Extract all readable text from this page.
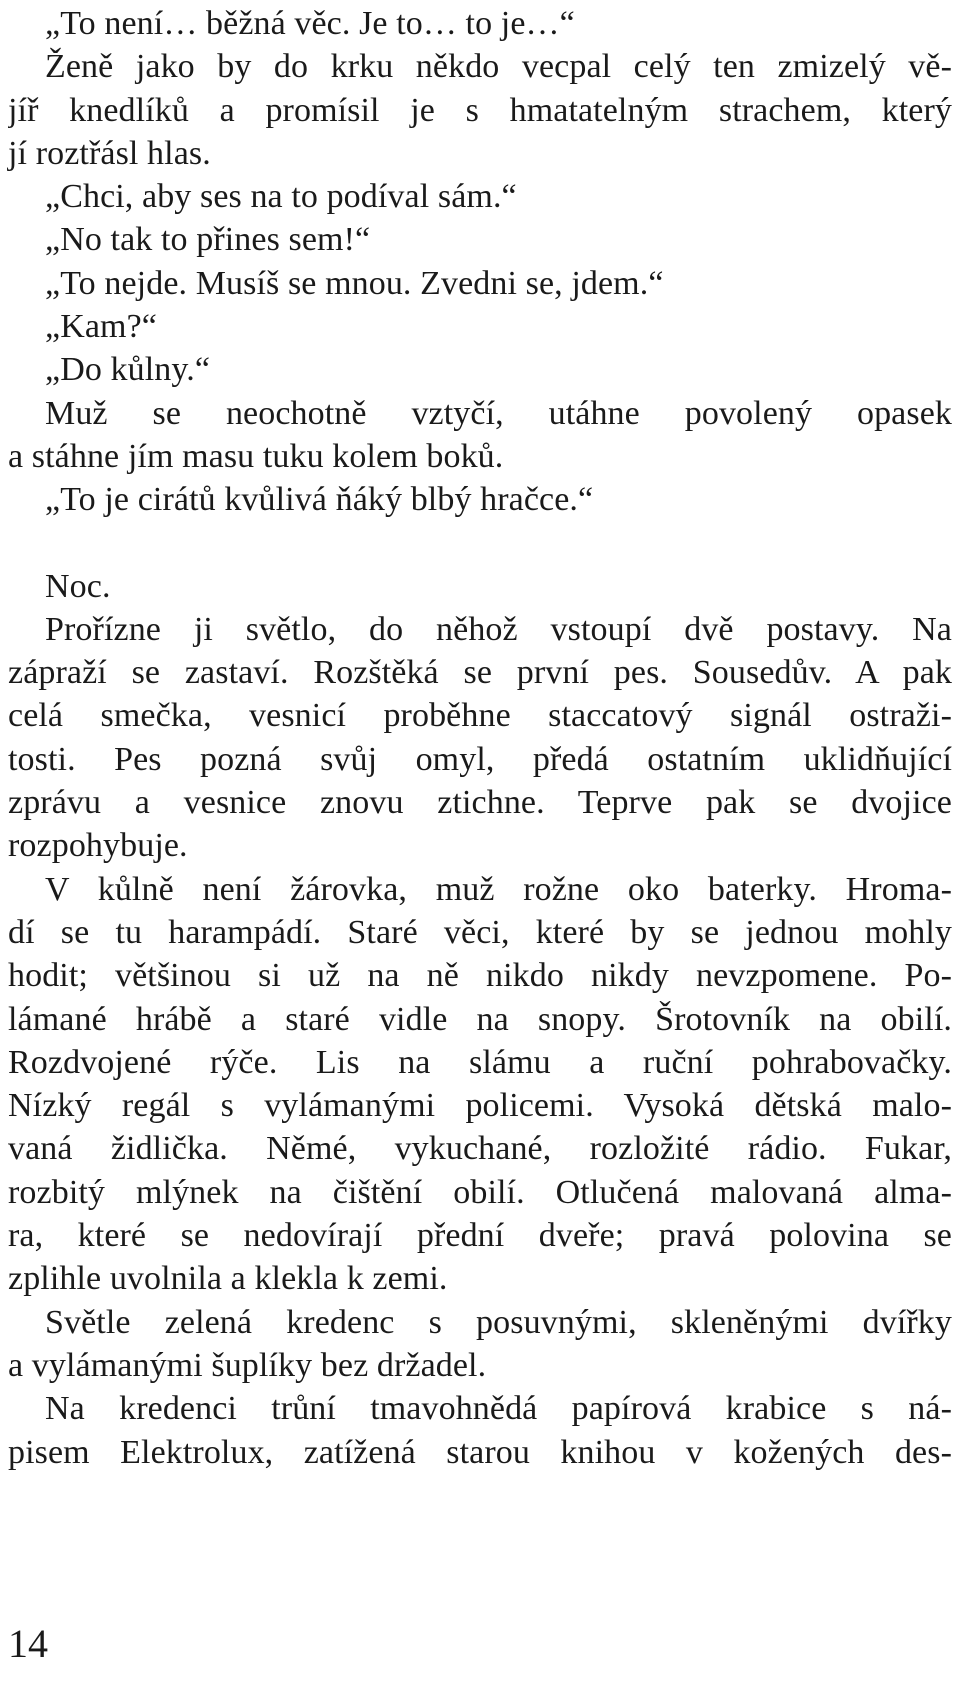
„To není… běžná věc. Je to… to je…“
Ženě jako by do krku někdo vecpal celý ten zmizelý vě-
jíř knedlíků a promísil je s hmatatelným strachem, který
jí roztřásl hlas.
„Chci, aby ses na to podíval sám.“
„No tak to přines sem!“
„To nejde. Musíš se mnou. Zvedni se, jdem.“
„Kam?“
„Do kůlny.“
Muž se neochotně vztyčí, utáhne povolený opasek
a stáhne jím masu tuku kolem boků.
„To je cirátů kvůlivá ňáký blbý hračce.“
Noc.
Prořízne ji světlo, do něhož vstoupí dvě postavy. Na
zápraží se zastaví. Rozštěká se první pes. Sousedův. A pak
celá smečka, vesnicí proběhne staccatový signál ostraži-
tosti. Pes pozná svůj omyl, předá ostatním uklidňující
zprávu a vesnice znovu ztichne. Teprve pak se dvojice
rozpohybuje.
V kůlně není žárovka, muž rožne oko baterky. Hroma-
dí se tu harampádí. Staré věci, které by se jednou mohly
hodit; většinou si už na ně nikdo nikdy nevzpomene. Po-
lámané hrábě a staré vidle na snopy. Šrotovník na obilí.
Rozdvojené rýče. Lis na slámu a ruční pohrabovačky.
Nízký regál s vylámanými policemi. Vysoká dětská malo-
vaná židlička. Němé, vykuchané, rozložité rádio. Fukar,
rozbitý mlýnek na čištění obilí. Otlučená malovaná alma-
ra, které se nedovírají přední dveře; pravá polovina se
zplihle uvolnila a klekla k zemi.
Světle zelená kredenc s posuvnými, skleněnými dvířky
a vylámanými šuplíky bez držadel.
Na kredenci trůní tmavohnědá papírová krabice s ná-
pisem Elektrolux, zatížená starou knihou v kožených des-
14
